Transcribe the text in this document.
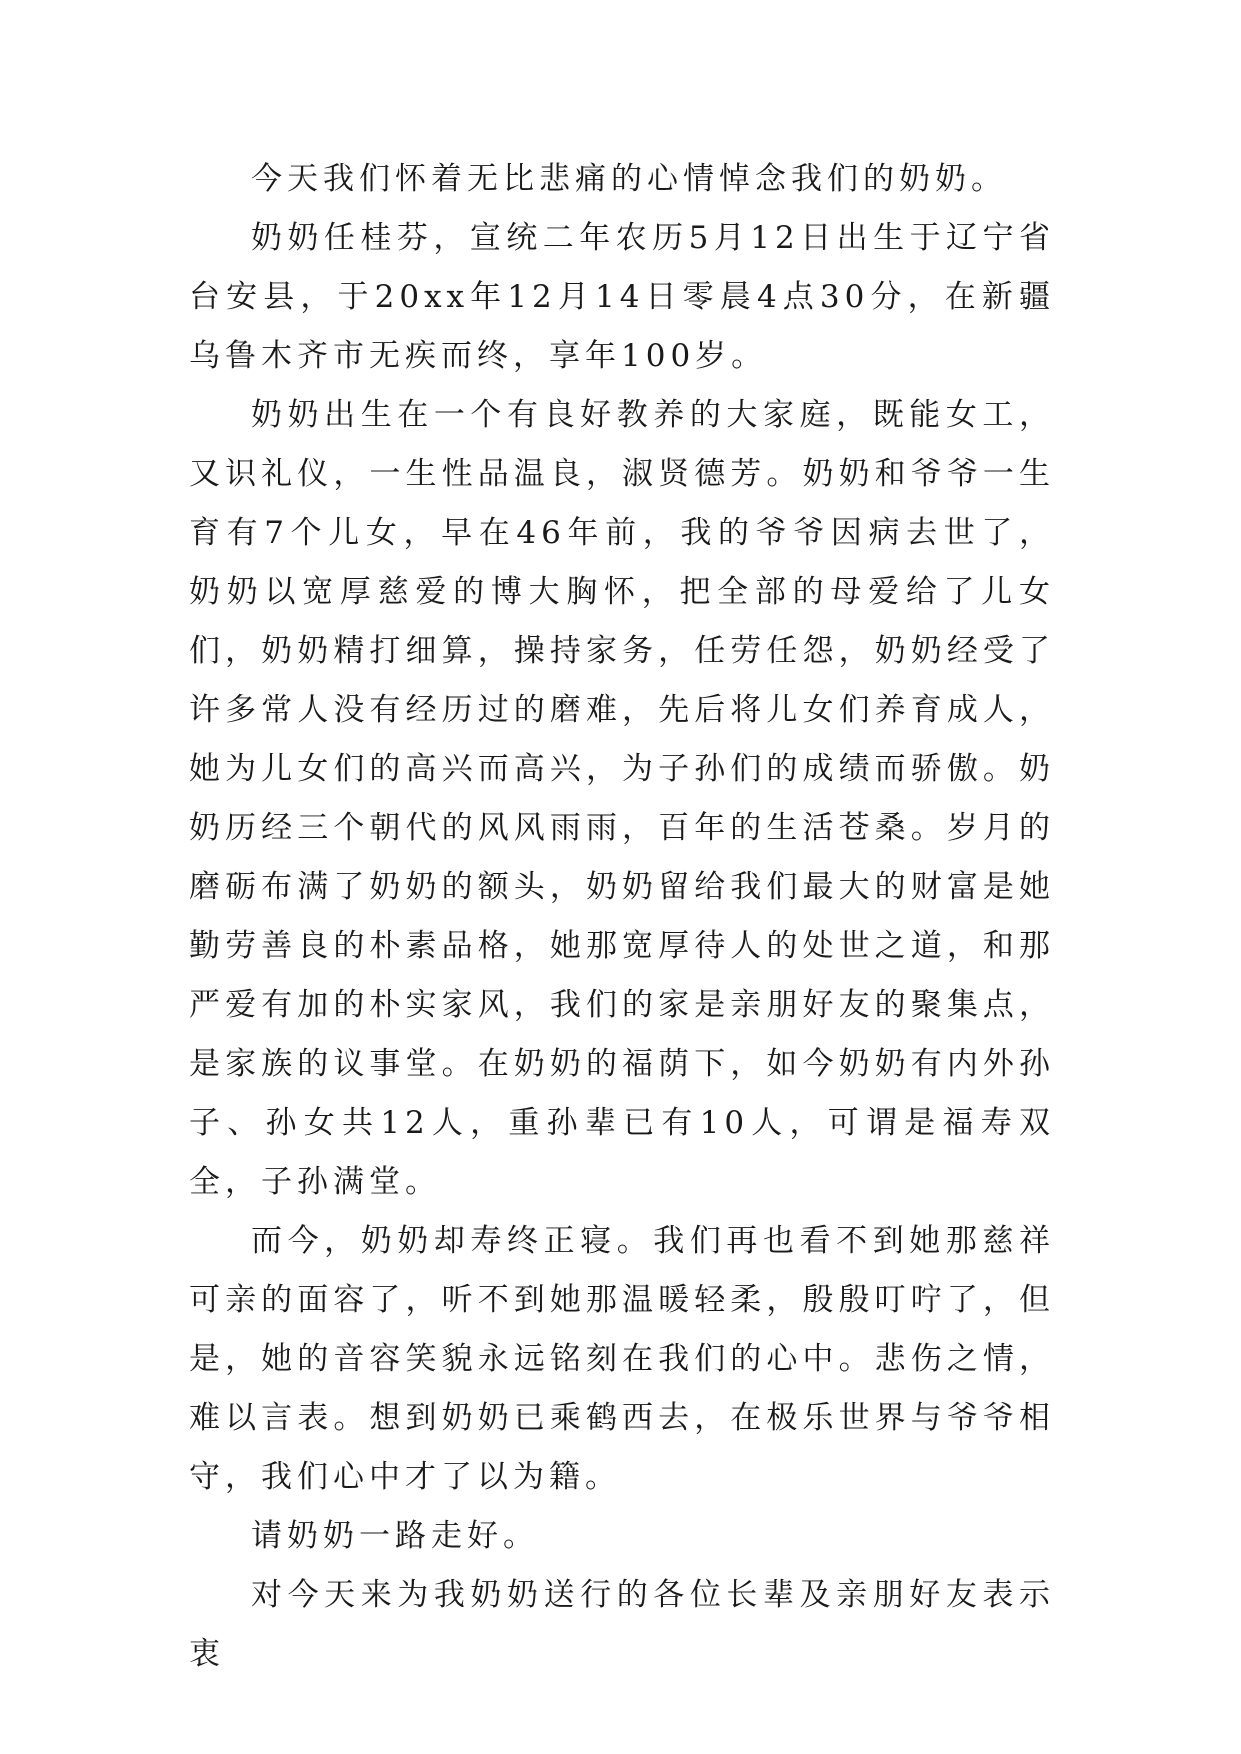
今天我们怀着无比悲痛的心情悼念我们的奶奶。

奶奶任桂芬，宣统二年农历5月12日出生于辽宁省台安县，于20xx年12月14日零晨4点30分，在新疆乌鲁木齐市无疾而终，享年100岁。

奶奶出生在一个有良好教养的大家庭，既能女工，又识礼仪，一生性品温良，淑贤德芳。奶奶和爷爷一生育有7个儿女，早在46年前，我的爷爷因病去世了，奶奶以宽厚慈爱的博大胸怀，把全部的母爱给了儿女们，奶奶精打细算，操持家务，任劳任怨，奶奶经受了许多常人没有经历过的磨难，先后将儿女们养育成人，她为儿女们的高兴而高兴，为子孙们的成绩而骄傲。奶奶历经三个朝代的风风雨雨，百年的生活苍桑。岁月的磨砺布满了奶奶的额头，奶奶留给我们最大的财富是她勤劳善良的朴素品格，她那宽厚待人的处世之道，和那严爱有加的朴实家风，我们的家是亲朋好友的聚集点，是家族的议事堂。在奶奶的福荫下，如今奶奶有内外孙子、孙女共12人，重孙辈已有10人，可谓是福寿双全，子孙满堂。

而今，奶奶却寿终正寝。我们再也看不到她那慈祥可亲的面容了，听不到她那温暖轻柔，殷殷叮咛了，但是，她的音容笑貌永远铭刻在我们的心中。悲伤之情，难以言表。想到奶奶已乘鹤西去，在极乐世界与爷爷相守，我们心中才了以为籍。

请奶奶一路走好。

对今天来为我奶奶送行的各位长辈及亲朋好友表示衷
